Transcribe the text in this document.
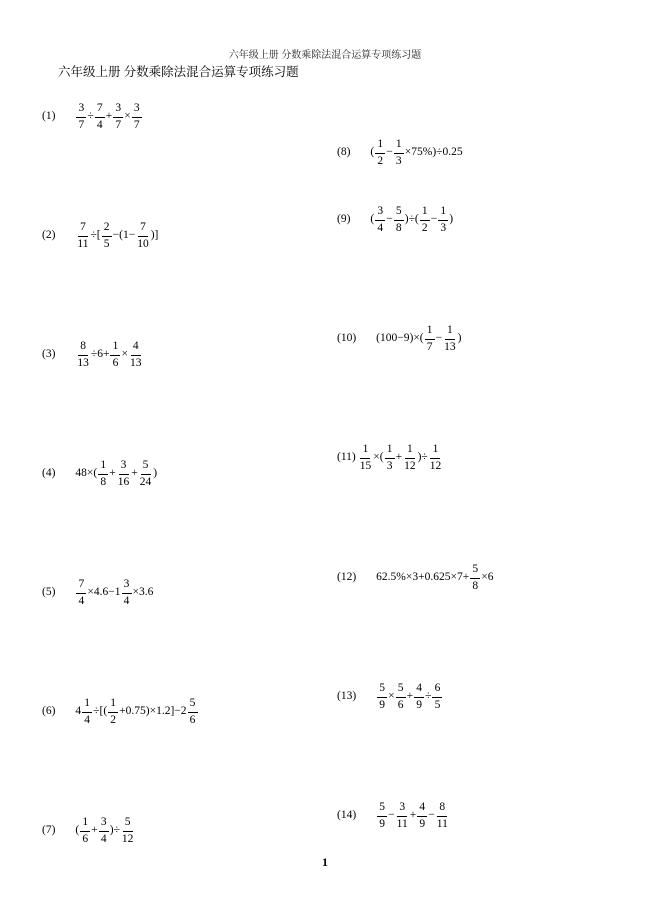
六年级上册 分数乘除法混合运算专项练习题
六年级上册 分数乘除法混合运算专项练习题
$(1) \frac{3}{7} \div \frac{7}{4} + \frac{3}{7} \times \frac{3}{7}$
$(2) \frac{7}{11}$ ÷[ $\frac{2}{5} -(1- \frac{7}{10}$ )]
$(3) \frac{8}{13} \div 6+ \frac{1}{6} \times \frac{4}{13}$
(4) $48\times( \frac{1}{8} + \frac{3}{16} + \frac{5}{24}$ )
$(5) \frac{7}{4} \times 4.6-1 \frac{3}{4} \times 3.6$
(6) $4 \frac{1}{4}$ ÷[( $\frac{1}{2} +0.75)\times 1.2]-2 \frac{5}{6}$
(7) ( $\frac{1}{6} + \frac{3}{4}$ )÷ $\frac{5}{12}$
(8) ( $\frac{1}{2} - \frac{1}{3} \times 75\%)\div 0.25$
(9) ( $\frac{3}{4} - \frac{5}{8}$ )÷( $\frac{1}{2} - \frac{1}{3}$ )
(10) $(100-9)\times( \frac{1}{7} - \frac{1}{13}$ )
$(11) \frac{1}{15}$ ×( $\frac{1}{3} + \frac{1}{12}$ )÷ $\frac{1}{12}$
(12) $62.5\%\times 3+0.625\times 7+ \frac{5}{8} \times 6$
$(13) \frac{5}{9} \times \frac{5}{6} + \frac{4}{9} \div \frac{6}{5}$
$(14) \frac{5}{9} - \frac{3}{11} + \frac{4}{9} - \frac{8}{11}$
1
